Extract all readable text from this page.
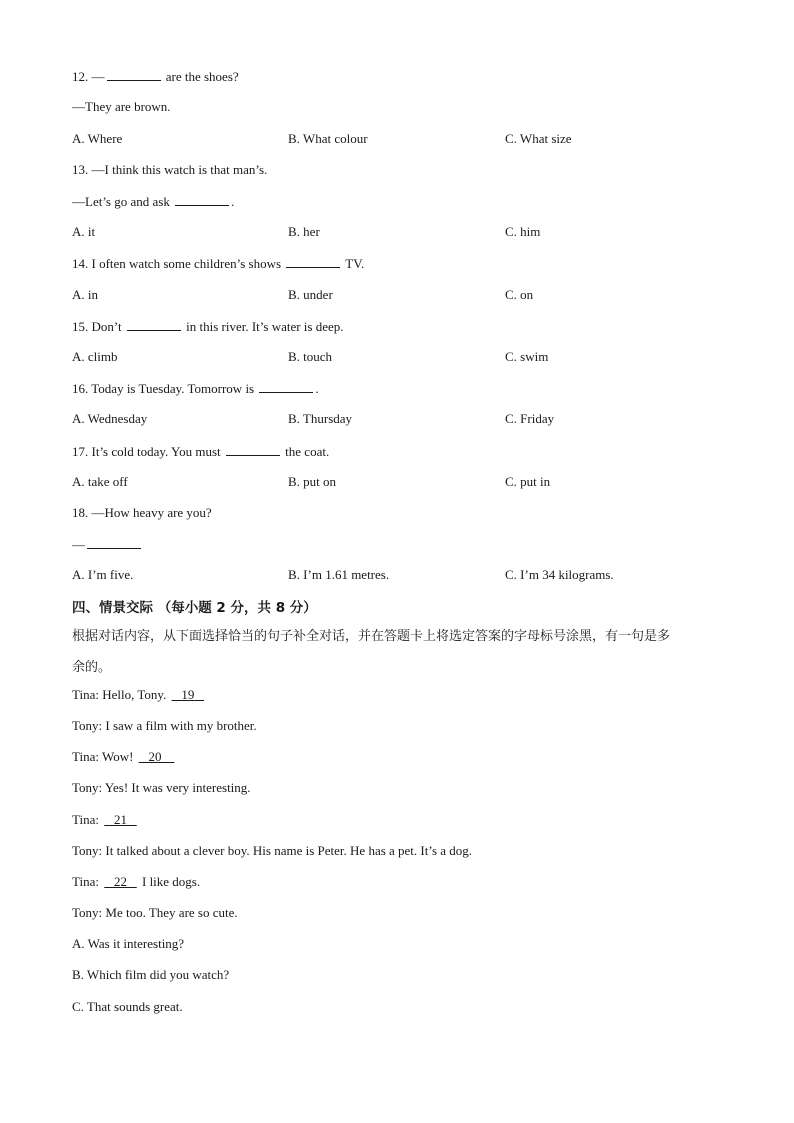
12. —	are the shoes?
—They are brown.
A. Where	B. What colour	C. What size
13. —I think this watch is that man’s.
—Let’s go and ask	.
A. it	B. her	C. him
14. I often watch some children’s shows	TV.
A. in	B. under	C. on
15. Don’t	in this river. It’s water is deep.
A. climb	B. touch	C. swim
16. Today is Tuesday. Tomorrow is	.
A. Wednesday	B. Thursday	C. Friday
17. It’s cold today. You must	the coat.
A. take off	B. put on	C. put in
18. —How heavy are you?
—
A. I’m five.	B. I’m 1.61 metres.	C. I’m 34 kilograms.
四、情景交际 （每小题 2 分，共 8 分）
根据对话内容，从下面选择恰当的句子补全对话，并在答题卡上将选定答案的字母标号涂黑，有一句是多
余的。
Tina: Hello, Tony.    19
Tony: I saw a film with my brother.
Tina: Wow!    20
Tony: Yes! It was very interesting.
Tina:    21
Tony: It talked about a clever boy. His name is Peter. He has a pet. It’s a dog.
Tina:    22    I like dogs.
Tony: Me too. They are so cute.
A. Was it interesting?
B. Which film did you watch?
C. That sounds great.
